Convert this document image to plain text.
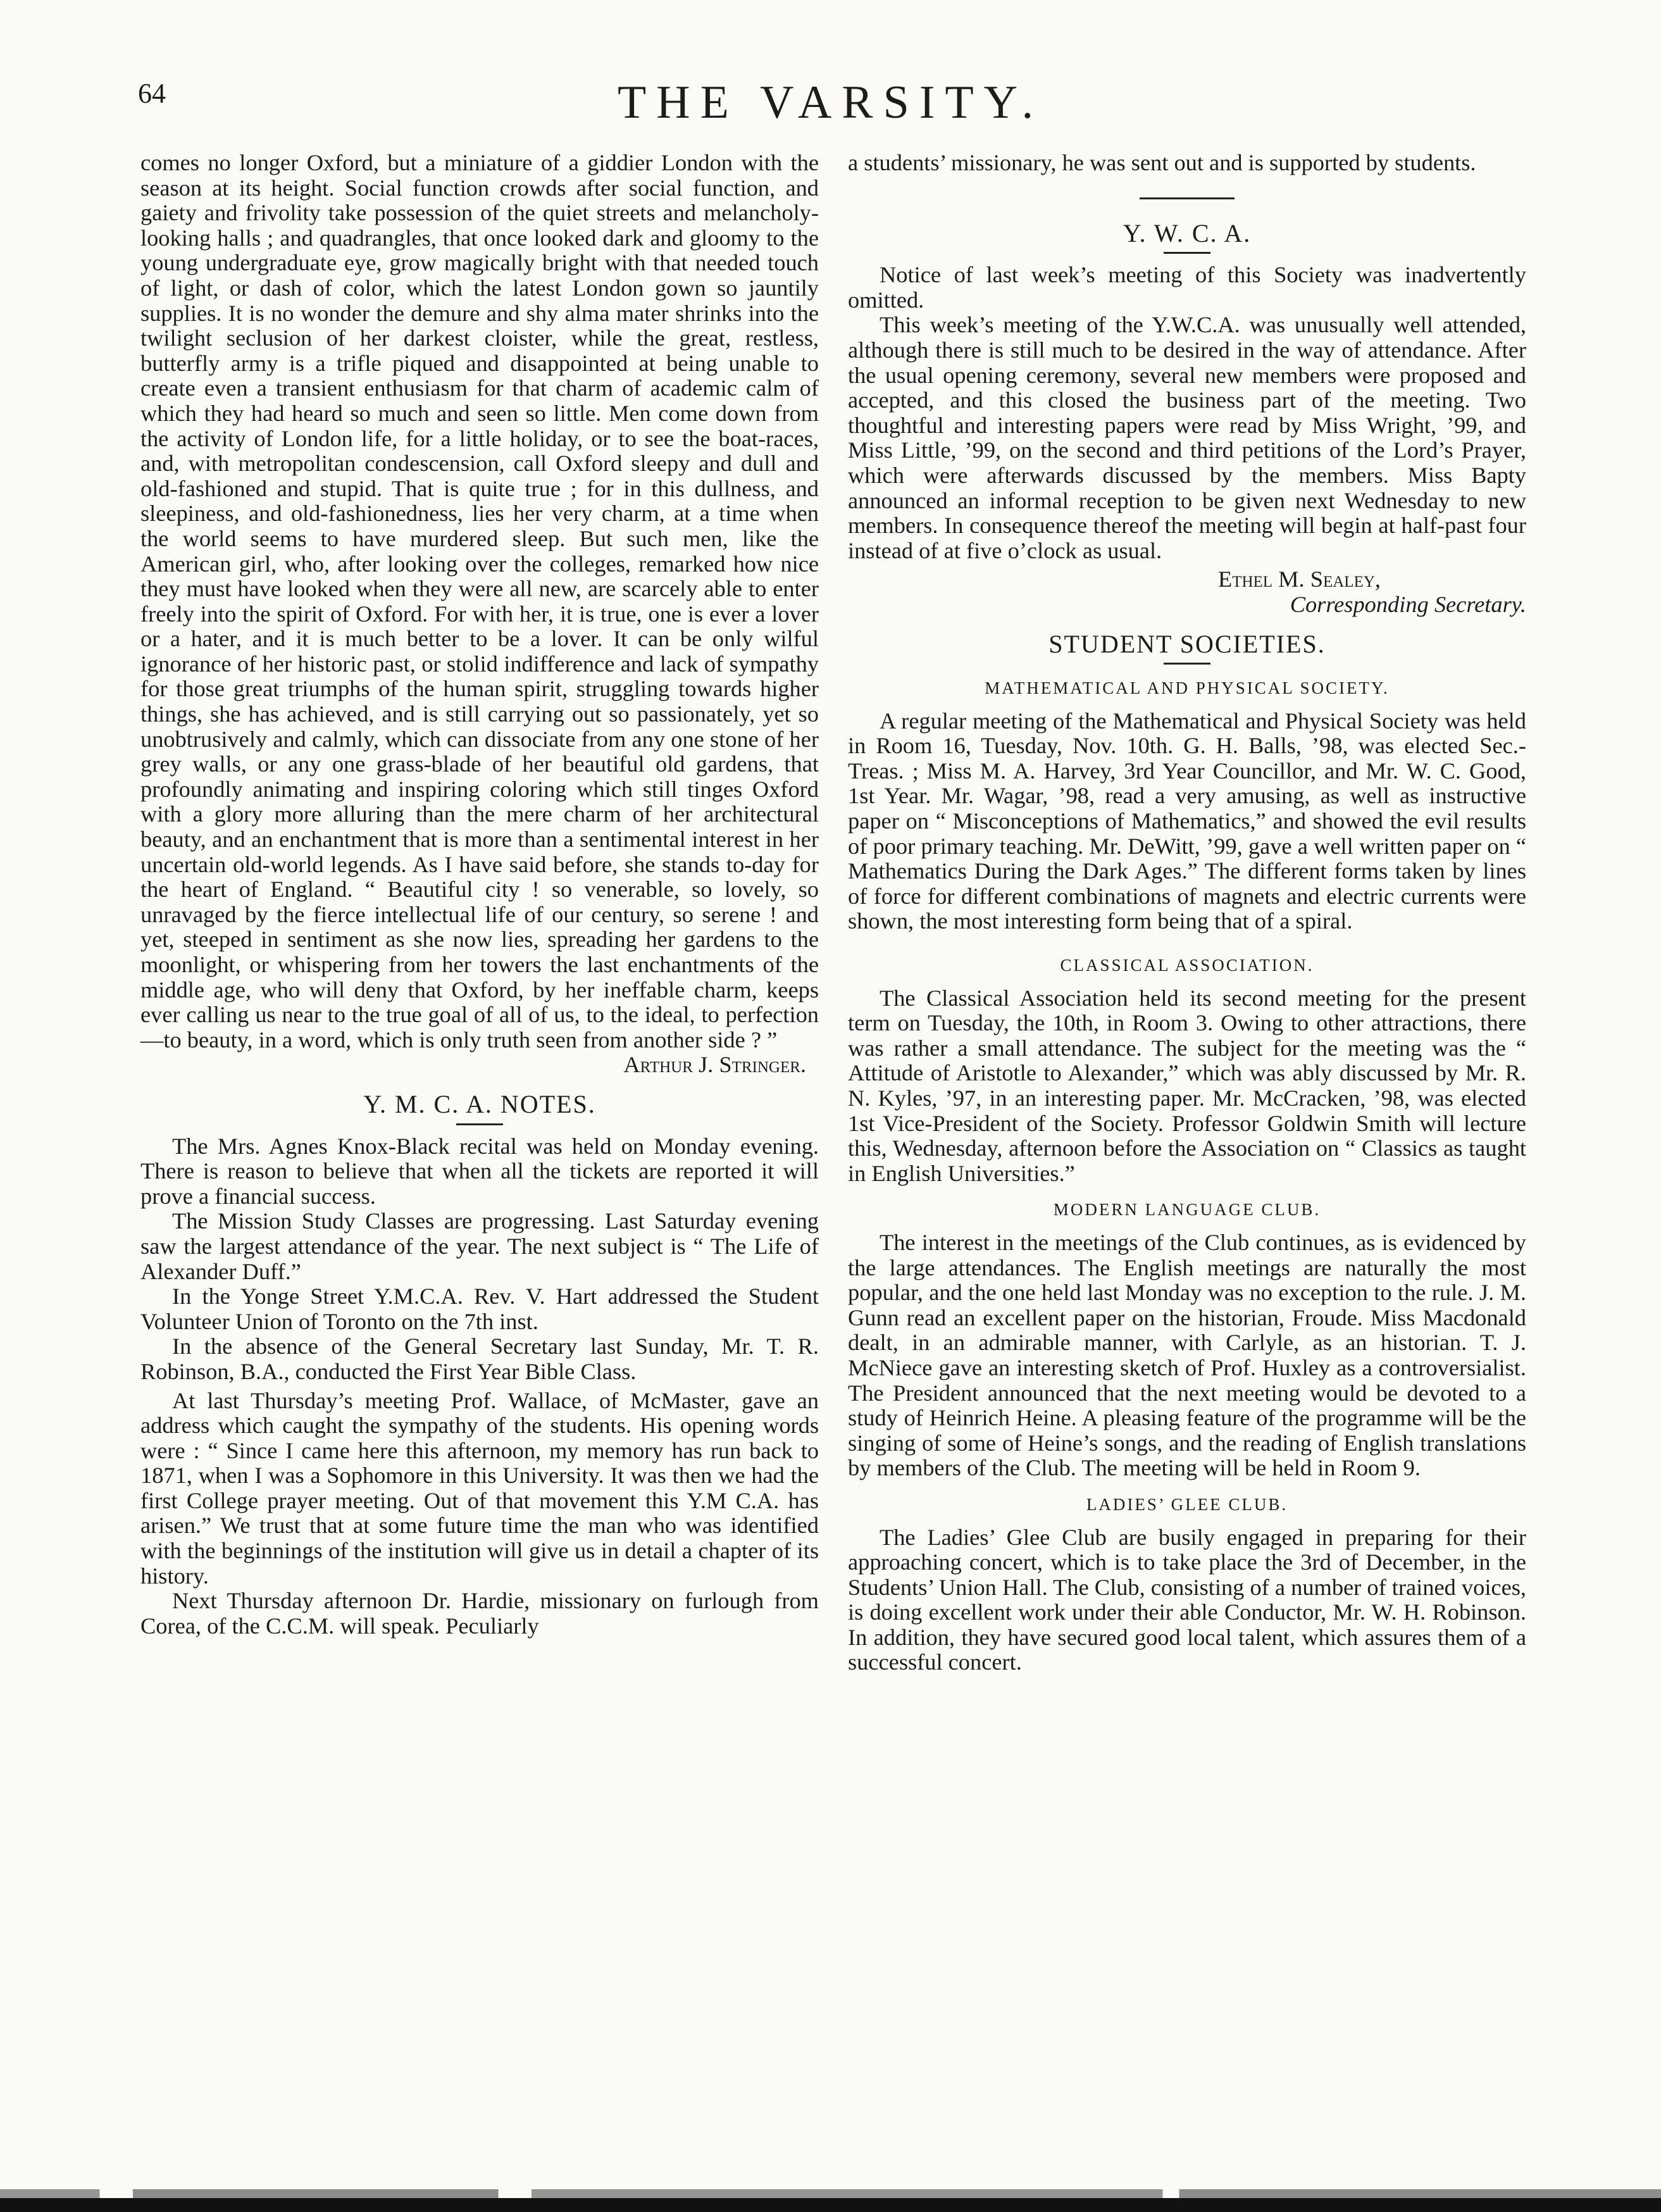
64	THE VARSITY.

comes no longer Oxford, but a miniature of a giddier London with the season at its height. Social function crowds after social function, and gaiety and frivolity take possession of the quiet streets and melancholy-looking halls ; and quadrangles, that once looked dark and gloomy to the young undergraduate eye, grow magically bright with that needed touch of light, or dash of color, which the latest London gown so jauntily supplies. It is no wonder the demure and shy alma mater shrinks into the twilight seclusion of her darkest cloister, while the great, restless, butterfly army is a trifle piqued and disappointed at being unable to create even a transient enthusiasm for that charm of academic calm of which they had heard so much and seen so little. Men come down from the activity of London life, for a little holiday, or to see the boat-races, and, with metropolitan condescension, call Oxford sleepy and dull and old-fashioned and stupid. That is quite true ; for in this dullness, and sleepiness, and old-fashionedness, lies her very charm, at a time when the world seems to have murdered sleep. But such men, like the American girl, who, after looking over the colleges, remarked how nice they must have looked when they were all new, are scarcely able to enter freely into the spirit of Oxford. For with her, it is true, one is ever a lover or a hater, and it is much better to be a lover. It can be only wilful ignorance of her historic past, or stolid indifference and lack of sympathy for those great triumphs of the human spirit, struggling towards higher things, she has achieved, and is still carrying out so passionately, yet so unobtrusively and calmly, which can dissociate from any one stone of her grey walls, or any one grass-blade of her beautiful old gardens, that profoundly animating and inspiring coloring which still tinges Oxford with a glory more alluring than the mere charm of her architectural beauty, and an enchantment that is more than a sentimental interest in her uncertain old-world legends. As I have said before, she stands to-day for the heart of England. “ Beautiful city ! so venerable, so lovely, so unravaged by the fierce intellectual life of our century, so serene ! and yet, steeped in sentiment as she now lies, spreading her gardens to the moonlight, or whispering from her towers the last enchantments of the middle age, who will deny that Oxford, by her ineffable charm, keeps ever calling us near to the true goal of all of us, to the ideal, to perfection—to beauty, in a word, which is only truth seen from another side ? ”

Arthur J. Stringer.
Y. M. C. A. NOTES.

The Mrs. Agnes Knox-Black recital was held on Monday evening. There is reason to believe that when all the tickets are reported it will prove a financial success.

The Mission Study Classes are progressing. Last Saturday evening saw the largest attendance of the year. The next subject is “ The Life of Alexander Duff.”

In the Yonge Street Y.M.C.A. Rev. V. Hart addressed the Student Volunteer Union of Toronto on the 7th inst.

In the absence of the General Secretary last Sunday, Mr. T. R. Robinson, B.A., conducted the First Year Bible Class.

At last Thursday’s meeting Prof. Wallace, of McMaster, gave an address which caught the sympathy of the students. His opening words were : “ Since I came here this afternoon, my memory has run back to 1871, when I was a Sophomore in this University. It was then we had the first College prayer meeting. Out of that movement this Y.M C.A. has arisen.” We trust that at some future time the man who was identified with the beginnings of the institution will give us in detail a chapter of its history.

Next Thursday afternoon Dr. Hardie, missionary on furlough from Corea, of the C.C.M. will speak. Peculiarly

a students’ missionary, he was sent out and is supported by students.

Y. W. C. A.

Notice of last week’s meeting of this Society was inadvertently omitted.

This week’s meeting of the Y.W.C.A. was unusually well attended, although there is still much to be desired in the way of attendance. After the usual opening ceremony, several new members were proposed and accepted, and this closed the business part of the meeting. Two thoughtful and interesting papers were read by Miss Wright, ’99, and Miss Little, ’99, on the second and third petitions of the Lord’s Prayer, which were afterwards discussed by the members. Miss Bapty announced an informal reception to be given next Wednesday to new members. In consequence thereof the meeting will begin at half-past four instead of at five o’clock as usual.

Ethel M. Sealey,
Corresponding Secretary.
STUDENT SOCIETIES.
MATHEMATICAL AND PHYSICAL SOCIETY.

A regular meeting of the Mathematical and Physical Society was held in Room 16, Tuesday, Nov. 10th. G. H. Balls, ’98, was elected Sec.-Treas. ; Miss M. A. Harvey, 3rd Year Councillor, and Mr. W. C. Good, 1st Year. Mr. Wagar, ’98, read a very amusing, as well as instructive paper on “ Misconceptions of Mathematics,” and showed the evil results of poor primary teaching. Mr. DeWitt, ’99, gave a well written paper on “ Mathematics During the Dark Ages.” The different forms taken by lines of force for different combinations of magnets and electric currents were shown, the most interesting form being that of a spiral.

CLASSICAL ASSOCIATION.

The Classical Association held its second meeting for the present term on Tuesday, the 10th, in Room 3. Owing to other attractions, there was rather a small attendance. The subject for the meeting was the “ Attitude of Aristotle to Alexander,” which was ably discussed by Mr. R. N. Kyles, ’97, in an interesting paper. Mr. McCracken, ’98, was elected 1st Vice-President of the Society. Professor Goldwin Smith will lecture this, Wednesday, afternoon before the Association on “ Classics as taught in English Universities.”

MODERN LANGUAGE CLUB.

The interest in the meetings of the Club continues, as is evidenced by the large attendances. The English meetings are naturally the most popular, and the one held last Monday was no exception to the rule. J. M. Gunn read an excellent paper on the historian, Froude. Miss Macdonald dealt, in an admirable manner, with Carlyle, as an historian. T. J. McNiece gave an interesting sketch of Prof. Huxley as a controversialist. The President announced that the next meeting would be devoted to a study of Heinrich Heine. A pleasing feature of the programme will be the singing of some of Heine’s songs, and the reading of English translations by members of the Club. The meeting will be held in Room 9.

LADIES’ GLEE CLUB.

The Ladies’ Glee Club are busily engaged in preparing for their approaching concert, which is to take place the 3rd of December, in the Students’ Union Hall. The Club, consisting of a number of trained voices, is doing excellent work under their able Conductor, Mr. W. H. Robinson. In addition, they have secured good local talent, which assures them of a successful concert.
